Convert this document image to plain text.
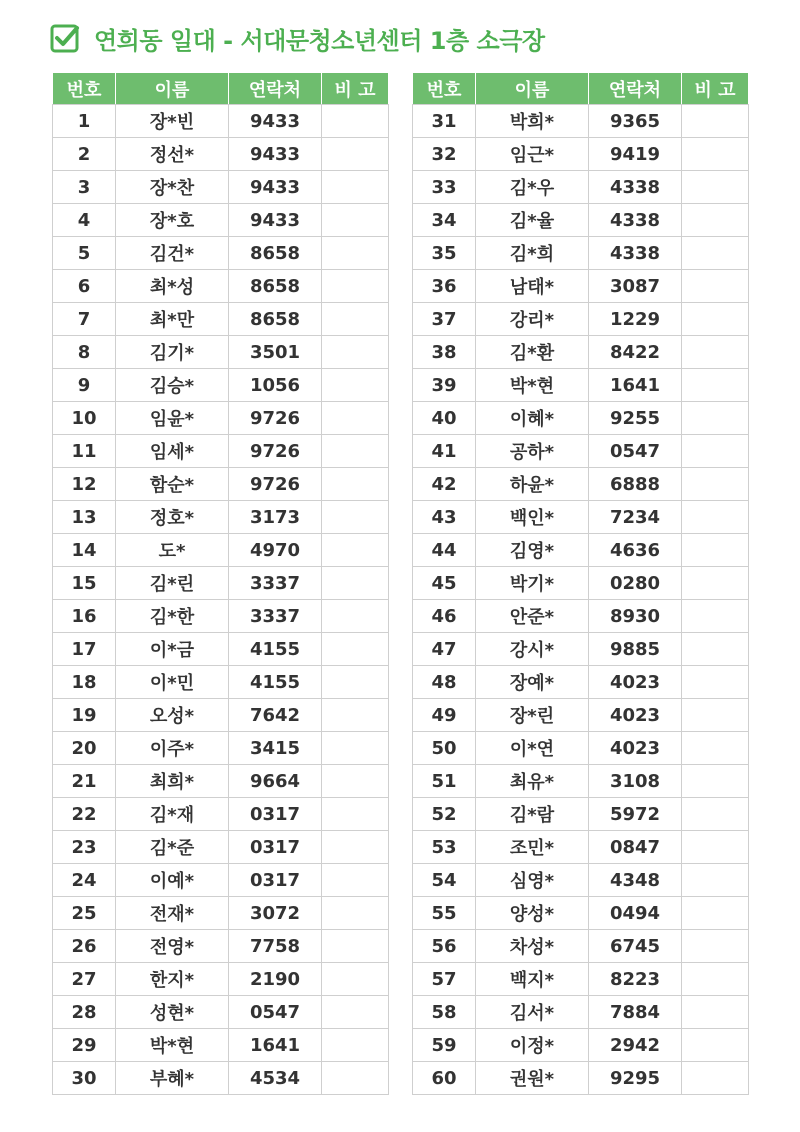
연희동 일대 - 서대문청소년센터 1층 소극장
번호	이름	연락처	비 고
1	장*빈	9433	
2	정선*	9433	
3	장*찬	9433	
4	장*호	9433	
5	김건*	8658	
6	최*성	8658	
7	최*만	8658	
8	김기*	3501	
9	김승*	1056	
10	임윤*	9726	
11	임세*	9726	
12	함순*	9726	
13	정호*	3173	
14	도*	4970	
15	김*린	3337	
16	김*한	3337	
17	이*금	4155	
18	이*민	4155	
19	오성*	7642	
20	이주*	3415	
21	최희*	9664	
22	김*재	0317	
23	김*준	0317	
24	이예*	0317	
25	전재*	3072	
26	전영*	7758	
27	한지*	2190	
28	성현*	0547	
29	박*현	1641	
30	부혜*	4534	
번호	이름	연락처	비 고
31	박희*	9365	
32	임근*	9419	
33	김*우	4338	
34	김*율	4338	
35	김*희	4338	
36	남태*	3087	
37	강리*	1229	
38	김*환	8422	
39	박*현	1641	
40	이혜*	9255	
41	공하*	0547	
42	하윤*	6888	
43	백인*	7234	
44	김영*	4636	
45	박기*	0280	
46	안준*	8930	
47	강시*	9885	
48	장예*	4023	
49	장*린	4023	
50	이*연	4023	
51	최유*	3108	
52	김*람	5972	
53	조민*	0847	
54	심영*	4348	
55	양성*	0494	
56	차성*	6745	
57	백지*	8223	
58	김서*	7884	
59	이정*	2942	
60	권원*	9295	
